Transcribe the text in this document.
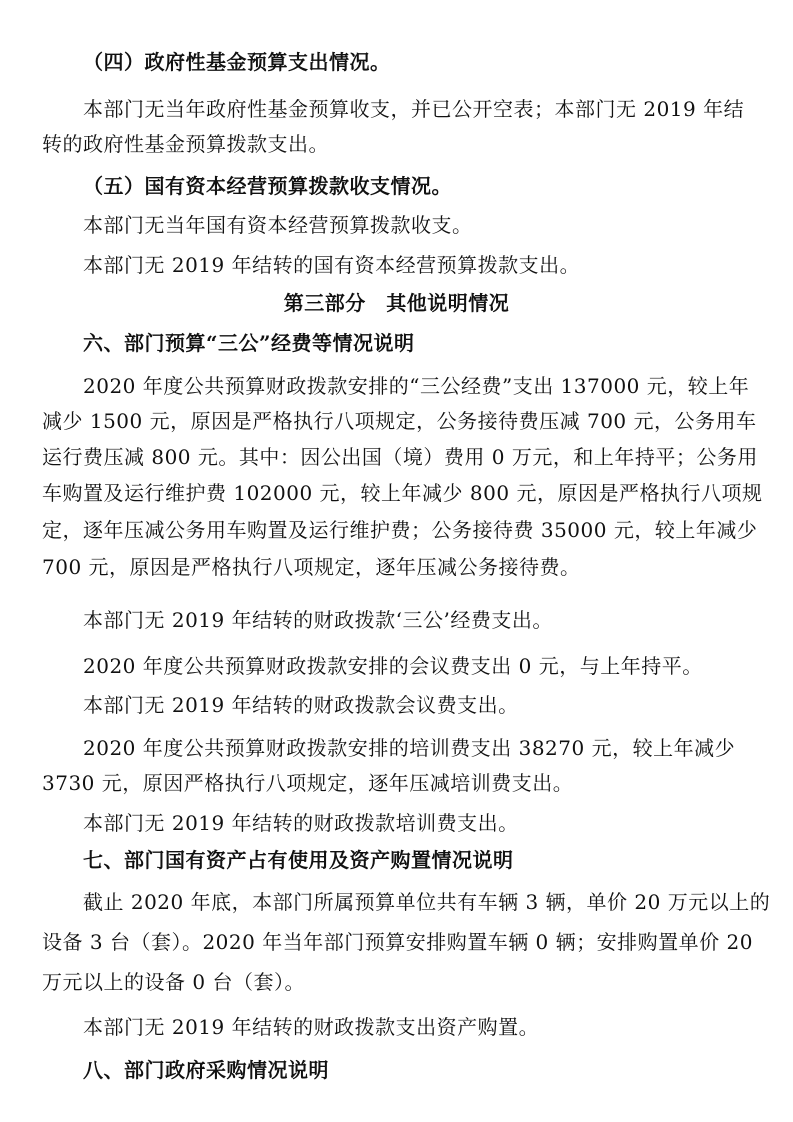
（四）政府性基金预算支出情况。
本部门无当年政府性基金预算收支，并已公开空表；本部门无 2019 年结
转的政府性基金预算拨款支出。
（五）国有资本经营预算拨款收支情况。
本部门无当年国有资本经营预算拨款收支。
本部门无 2019 年结转的国有资本经营预算拨款支出。
第三部分　其他说明情况
六、部门预算“三公”经费等情况说明
2020 年度公共预算财政拨款安排的“三公经费”支出 137000 元，较上年
减少 1500 元，原因是严格执行八项规定，公务接待费压减 700 元，公务用车
运行费压减 800 元。其中：因公出国（境）费用 0 万元，和上年持平；公务用
车购置及运行维护费 102000 元，较上年减少 800 元，原因是严格执行八项规
定，逐年压减公务用车购置及运行维护费；公务接待费 35000 元，较上年减少
700 元，原因是严格执行八项规定，逐年压减公务接待费。
本部门无 2019 年结转的财政拨款‘三公’经费支出。
2020 年度公共预算财政拨款安排的会议费支出 0 元，与上年持平。
本部门无 2019 年结转的财政拨款会议费支出。
2020 年度公共预算财政拨款安排的培训费支出 38270 元，较上年减少
3730 元，原因严格执行八项规定，逐年压减培训费支出。
本部门无 2019 年结转的财政拨款培训费支出。
七、部门国有资产占有使用及资产购置情况说明
截止 2020 年底，本部门所属预算单位共有车辆 3 辆，单价 20 万元以上的
设备 3 台（套）。2020 年当年部门预算安排购置车辆 0 辆；安排购置单价 20
万元以上的设备 0 台（套）。
本部门无 2019 年结转的财政拨款支出资产购置。
八、部门政府采购情况说明
